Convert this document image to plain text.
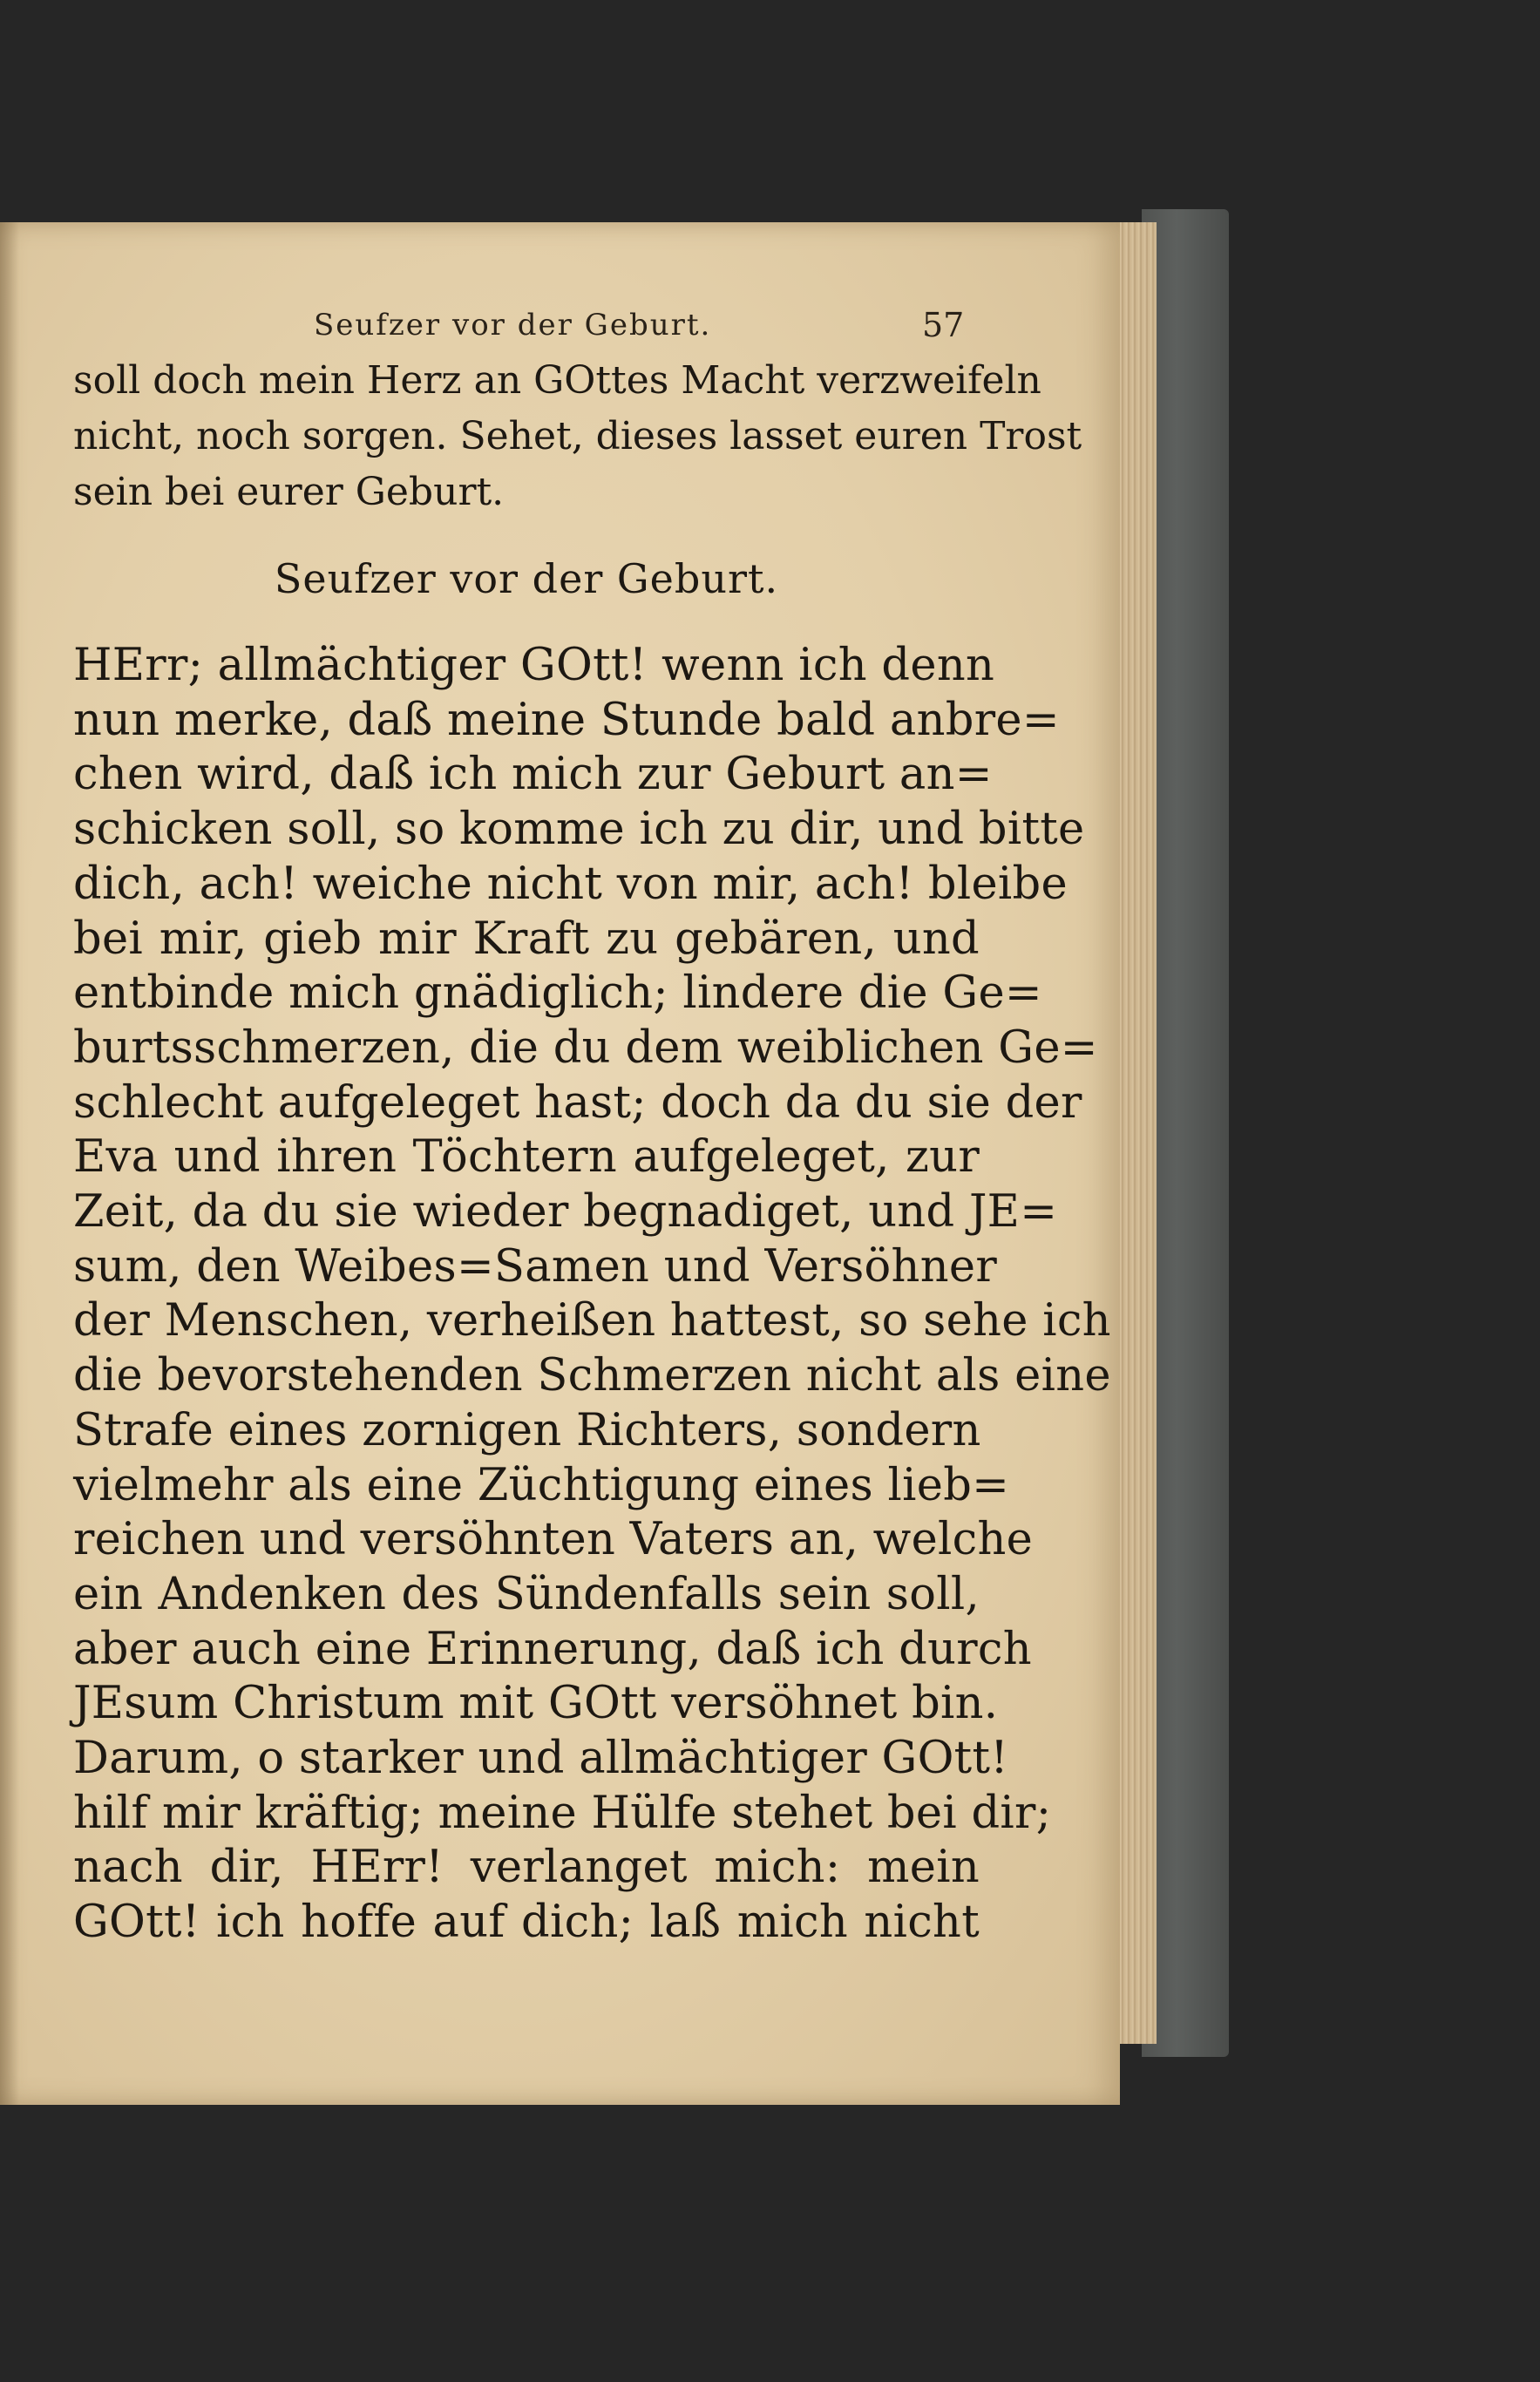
Seufzer vor der Geburt.	57

soll doch mein Herz an GOttes Macht verzweifeln
nicht, noch sorgen. Sehet, dieses lasset euren Trost
sein bei eurer Geburt.

Seufzer vor der Geburt.

HErr; allmächtiger GOtt! wenn ich denn
nun merke, daß meine Stunde bald anbre=
chen wird, daß ich mich zur Geburt an=
schicken soll, so komme ich zu dir, und bitte
dich, ach! weiche nicht von mir, ach! bleibe
bei mir, gieb mir Kraft zu gebären, und
entbinde mich gnädiglich; lindere die Ge=
burtsschmerzen, die du dem weiblichen Ge=
schlecht aufgeleget hast; doch da du sie der
Eva und ihren Töchtern aufgeleget, zur
Zeit, da du sie wieder begnadiget, und JE=
sum, den Weibes=Samen und Versöhner
der Menschen, verheißen hattest, so sehe ich
die bevorstehenden Schmerzen nicht als eine
Strafe eines zornigen Richters, sondern
vielmehr als eine Züchtigung eines lieb=
reichen und versöhnten Vaters an, welche
ein Andenken des Sündenfalls sein soll,
aber auch eine Erinnerung, daß ich durch
JEsum Christum mit GOtt versöhnet bin.
Darum, o starker und allmächtiger GOtt!
hilf mir kräftig; meine Hülfe stehet bei dir;
nach dir, HErr! verlanget mich: mein
GOtt! ich hoffe auf dich; laß mich nicht
